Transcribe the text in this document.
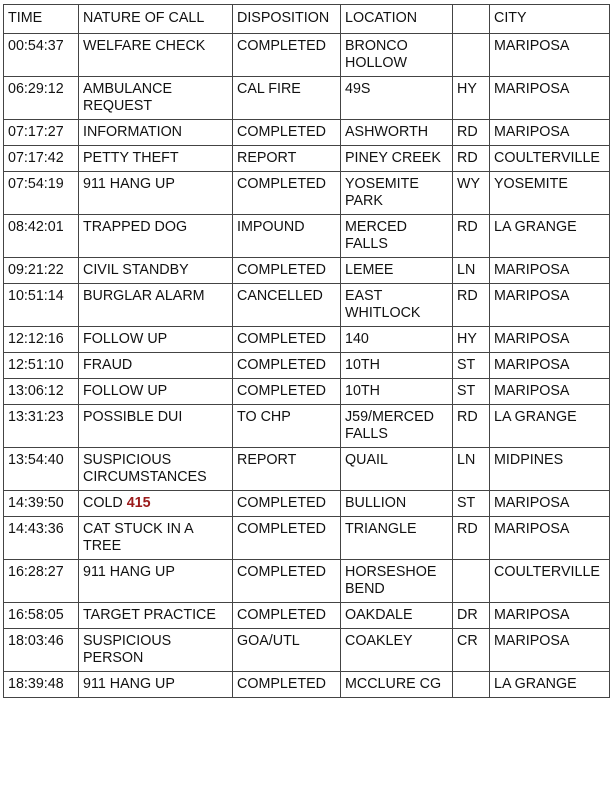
TIME	NATURE OF CALL	DISPOSITION	LOCATION		CITY
00:54:37	WELFARE CHECK	COMPLETED	BRONCO HOLLOW		MARIPOSA
06:29:12	AMBULANCE REQUEST	CAL FIRE	49S	HY	MARIPOSA
07:17:27	INFORMATION	COMPLETED	ASHWORTH	RD	MARIPOSA
07:17:42	PETTY THEFT	REPORT	PINEY CREEK	RD	COULTERVILLE
07:54:19	911 HANG UP	COMPLETED	YOSEMITE PARK	WY	YOSEMITE
08:42:01	TRAPPED DOG	IMPOUND	MERCED FALLS	RD	LA GRANGE
09:21:22	CIVIL STANDBY	COMPLETED	LEMEE	LN	MARIPOSA
10:51:14	BURGLAR ALARM	CANCELLED	EAST WHITLOCK	RD	MARIPOSA
12:12:16	FOLLOW UP	COMPLETED	140	HY	MARIPOSA
12:51:10	FRAUD	COMPLETED	10TH	ST	MARIPOSA
13:06:12	FOLLOW UP	COMPLETED	10TH	ST	MARIPOSA
13:31:23	POSSIBLE DUI	TO CHP	J59/MERCED FALLS	RD	LA GRANGE
13:54:40	SUSPICIOUS CIRCUMSTANCES	REPORT	QUAIL	LN	MIDPINES
14:39:50	COLD 415	COMPLETED	BULLION	ST	MARIPOSA
14:43:36	CAT STUCK IN A TREE	COMPLETED	TRIANGLE	RD	MARIPOSA
16:28:27	911 HANG UP	COMPLETED	HORSESHOE BEND		COULTERVILLE
16:58:05	TARGET PRACTICE	COMPLETED	OAKDALE	DR	MARIPOSA
18:03:46	SUSPICIOUS PERSON	GOA/UTL	COAKLEY	CR	MARIPOSA
18:39:48	911 HANG UP	COMPLETED	MCCLURE CG		LA GRANGE
